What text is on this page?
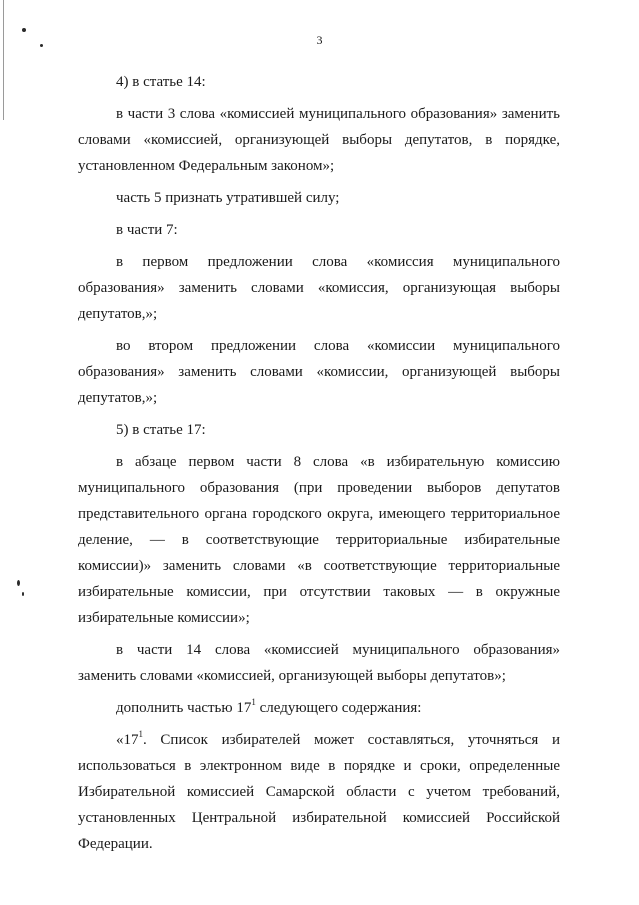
3

4) в статье 14:

в части 3 слова «комиссией муниципального образования» заменить словами «комиссией, организующей выборы депутатов, в порядке, установленном Федеральным законом»;

часть 5 признать утратившей силу;

в части 7:

в первом предложении слова «комиссия муниципального образования» заменить словами «комиссия, организующая выборы депутатов,»;

во втором предложении слова «комиссии муниципального образования» заменить словами «комиссии, организующей выборы депутатов,»;

5) в статье 17:

в абзаце первом части 8 слова «в избирательную комиссию муниципального образования (при проведении выборов депутатов представительного органа городского округа, имеющего территориальное деление, — в соответствующие территориальные избирательные комиссии)» заменить словами «в соответствующие территориальные избирательные комиссии, при отсутствии таковых — в окружные избирательные комиссии»;

в части 14 слова «комиссией муниципального образования» заменить словами «комиссией, организующей выборы депутатов»;

дополнить частью $17^1$ следующего содержания:

«$17^1$. Список избирателей может составляться, уточняться и использоваться в электронном виде в порядке и сроки, определенные Избирательной комиссией Самарской области с учетом требований, установленных Центральной избирательной комиссией Российской Федерации.
